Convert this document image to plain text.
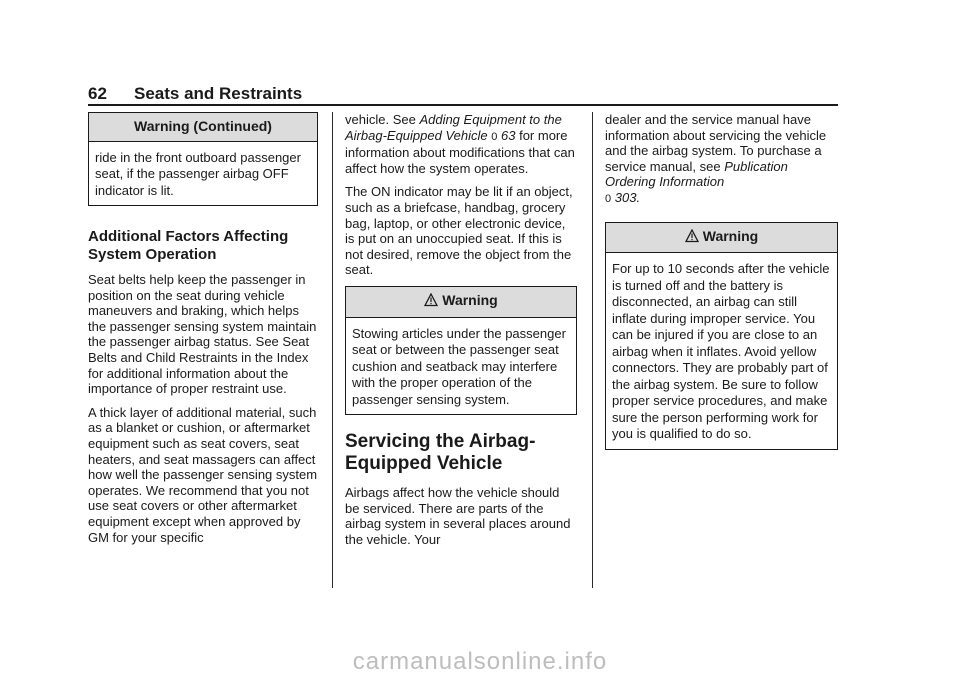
62 Seats and Restraints
Warning (Continued)
ride in the front outboard passenger seat, if the passenger airbag OFF indicator is lit.
Additional Factors Affecting System Operation

Seat belts help keep the passenger in position on the seat during vehicle maneuvers and braking, which helps the passenger sensing system maintain the passenger airbag status. See Seat Belts and Child Restraints in the Index for additional information about the importance of proper restraint use.

A thick layer of additional material, such as a blanket or cushion, or aftermarket equipment such as seat covers, seat heaters, and seat massagers can affect how well the passenger sensing system operates. We recommend that you not use seat covers or other aftermarket equipment except when approved by GM for your specific

vehicle. See Adding Equipment to the Airbag-Equipped Vehicle 0 63 for more information about modifications that can affect how the system operates.

The ON indicator may be lit if an object, such as a briefcase, handbag, grocery bag, laptop, or other electronic device, is put on an unoccupied seat. If this is not desired, remove the object from the seat.

Warning
Stowing articles under the passenger seat or between the passenger seat cushion and seatback may interfere with the proper operation of the passenger sensing system.
Servicing the Airbag-Equipped Vehicle

Airbags affect how the vehicle should be serviced. There are parts of the airbag system in several places around the vehicle. Your

dealer and the service manual have information about servicing the vehicle and the airbag system. To purchase a service manual, see Publication Ordering Information
0 303.

Warning
For up to 10 seconds after the vehicle is turned off and the battery is disconnected, an airbag can still inflate during improper service. You can be injured if you are close to an airbag when it inflates. Avoid yellow connectors. They are probably part of the airbag system. Be sure to follow proper service procedures, and make sure the person performing work for you is qualified to do so.
carmanualsonline.info
